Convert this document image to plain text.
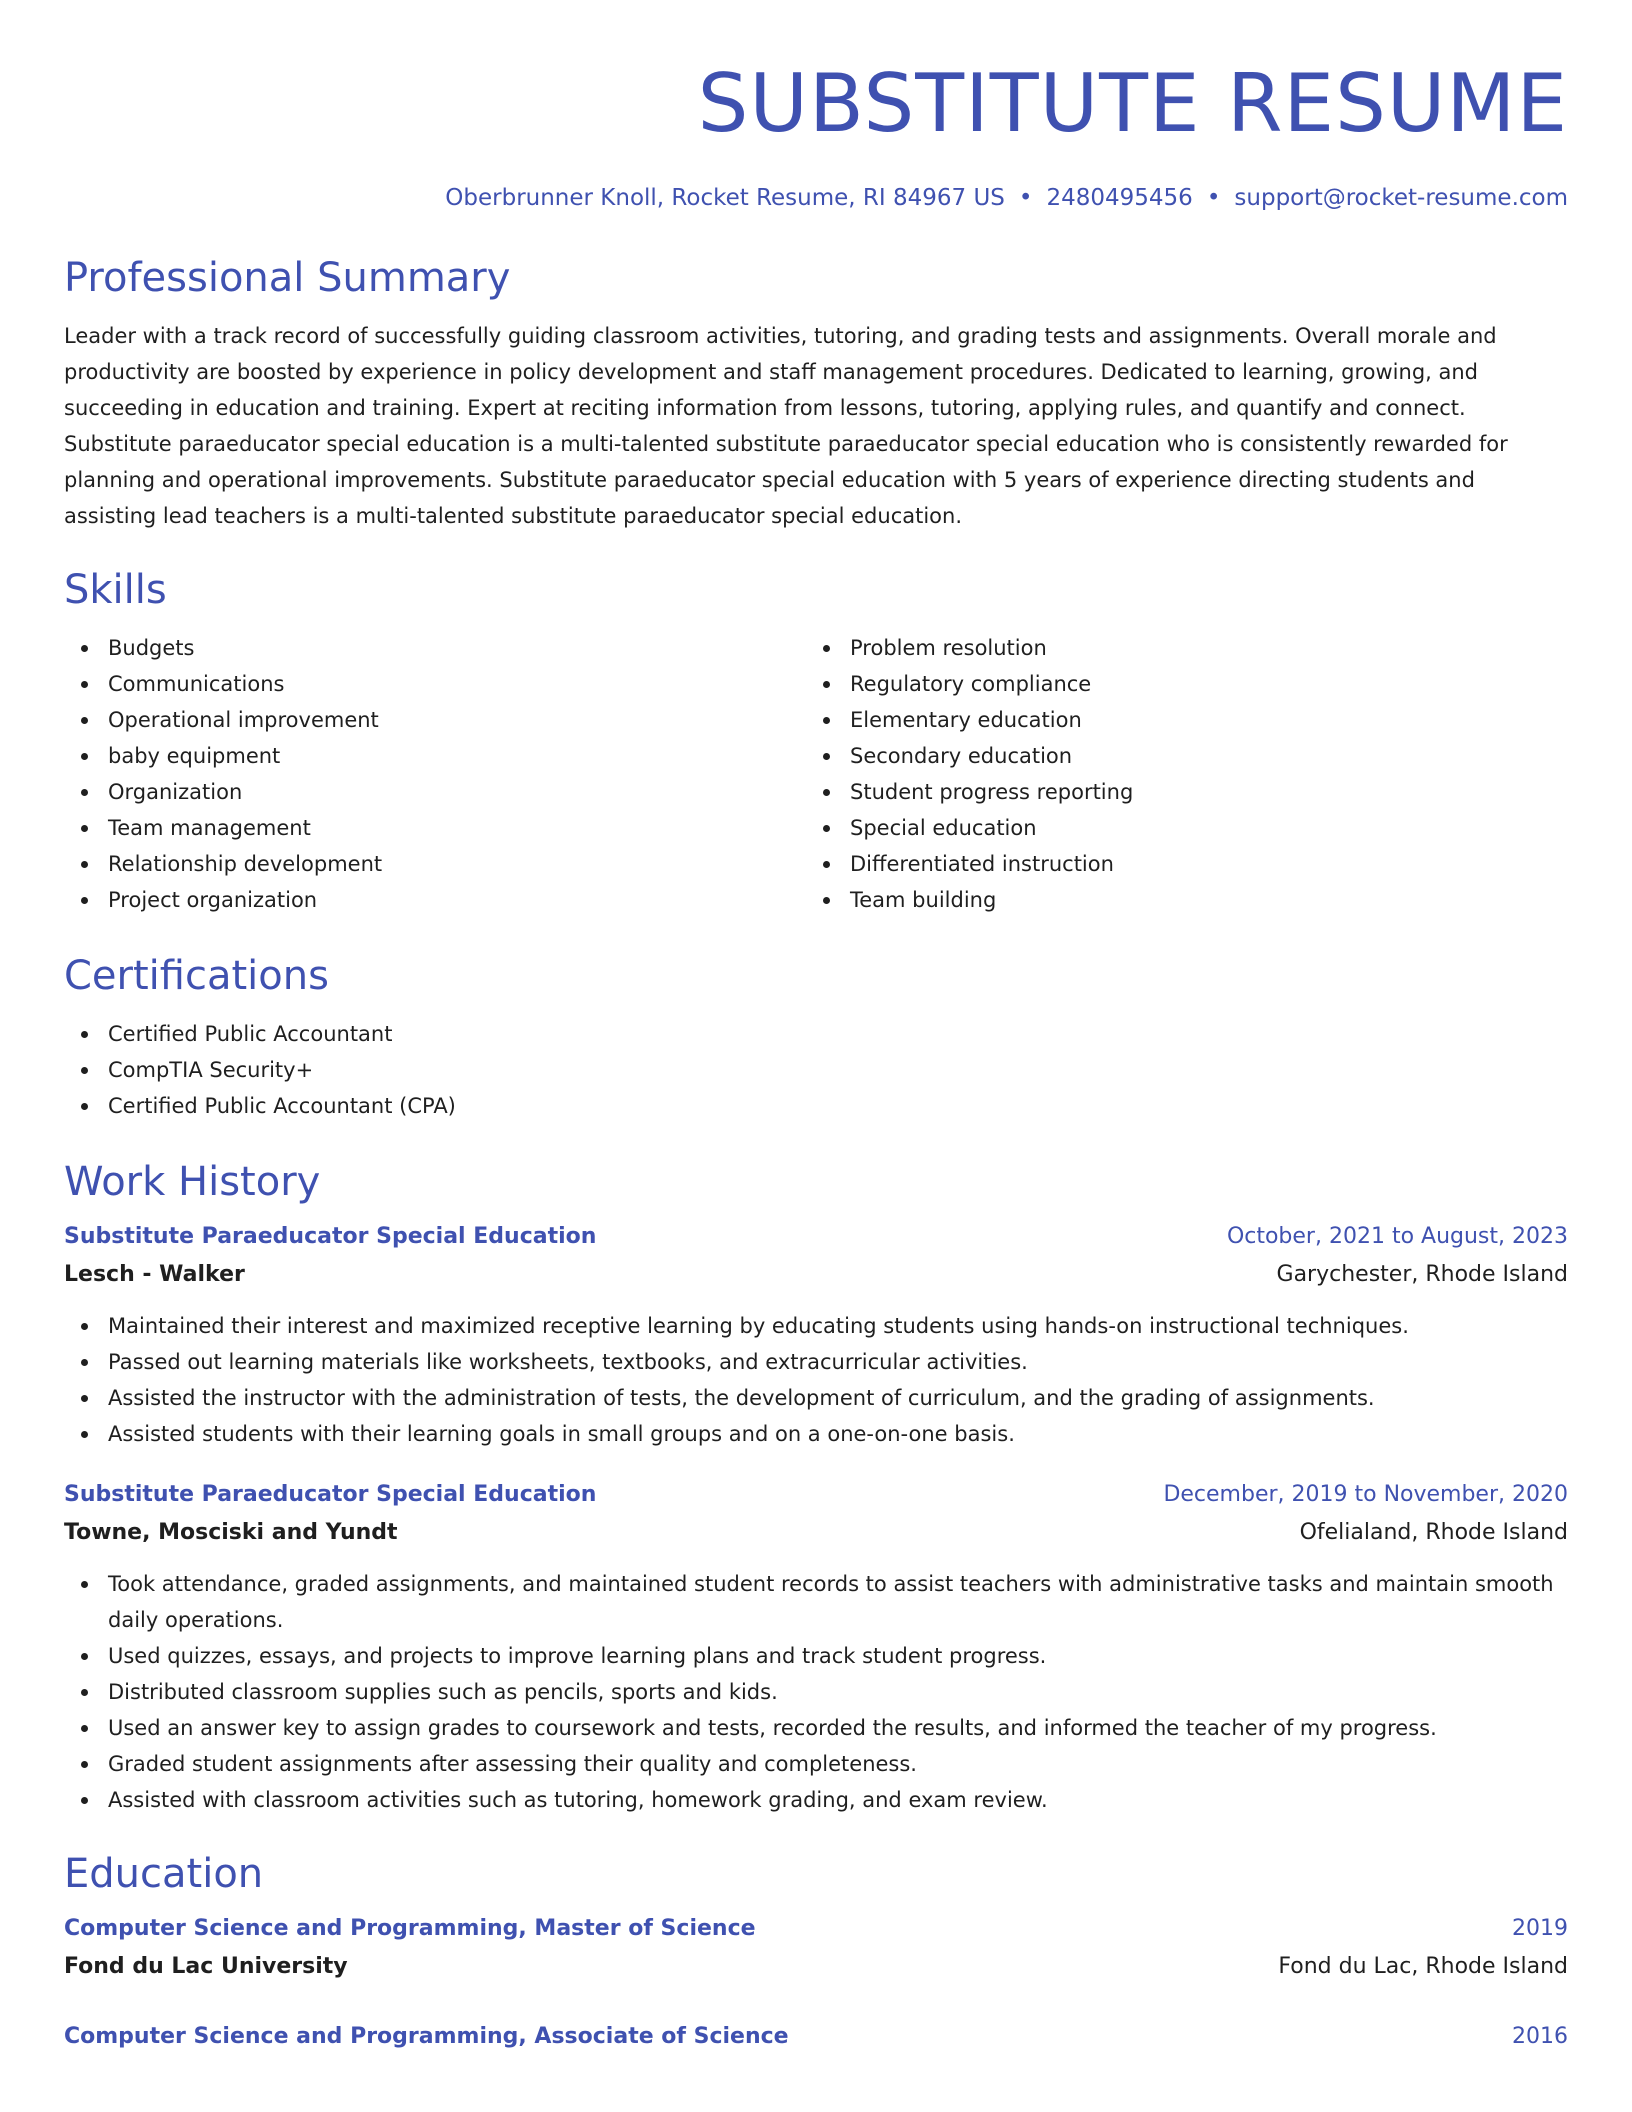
SUBSTITUTE RESUME
Oberbrunner Knoll, Rocket Resume, RI 84967 US • 2480495456 • support@rocket-resume.com
Professional Summary

Leader with a track record of successfully guiding classroom activities, tutoring, and grading tests and assignments. Overall morale and productivity are boosted by experience in policy development and staff management procedures. Dedicated to learning, growing, and succeeding in education and training. Expert at reciting information from lessons, tutoring, applying rules, and quantify and connect. Substitute paraeducator special education is a multi-talented substitute paraeducator special education who is consistently rewarded for planning and operational improvements. Substitute paraeducator special education with 5 years of experience directing students and assisting lead teachers is a multi-talented substitute paraeducator special education.

Skills
Budgets
Communications
Operational improvement
baby equipment
Organization
Team management
Relationship development
Project organization
Problem resolution
Regulatory compliance
Elementary education
Secondary education
Student progress reporting
Special education
Differentiated instruction
Team building
Certifications
Certified Public Accountant
CompTIA Security+
Certified Public Accountant (CPA)
Work History
Substitute Paraeducator Special Education	October, 2021 to August, 2023
Lesch - Walker	Garychester, Rhode Island
Maintained their interest and maximized receptive learning by educating students using hands-on instructional techniques.
Passed out learning materials like worksheets, textbooks, and extracurricular activities.
Assisted the instructor with the administration of tests, the development of curriculum, and the grading of assignments.
Assisted students with their learning goals in small groups and on a one-on-one basis.
Substitute Paraeducator Special Education	December, 2019 to November, 2020
Towne, Mosciski and Yundt	Ofelialand, Rhode Island
Took attendance, graded assignments, and maintained student records to assist teachers with administrative tasks and maintain smooth daily operations.
Used quizzes, essays, and projects to improve learning plans and track student progress.
Distributed classroom supplies such as pencils, sports and kids.
Used an answer key to assign grades to coursework and tests, recorded the results, and informed the teacher of my progress.
Graded student assignments after assessing their quality and completeness.
Assisted with classroom activities such as tutoring, homework grading, and exam review.
Education
Computer Science and Programming, Master of Science	2019
Fond du Lac University	Fond du Lac, Rhode Island
Computer Science and Programming, Associate of Science	2016
